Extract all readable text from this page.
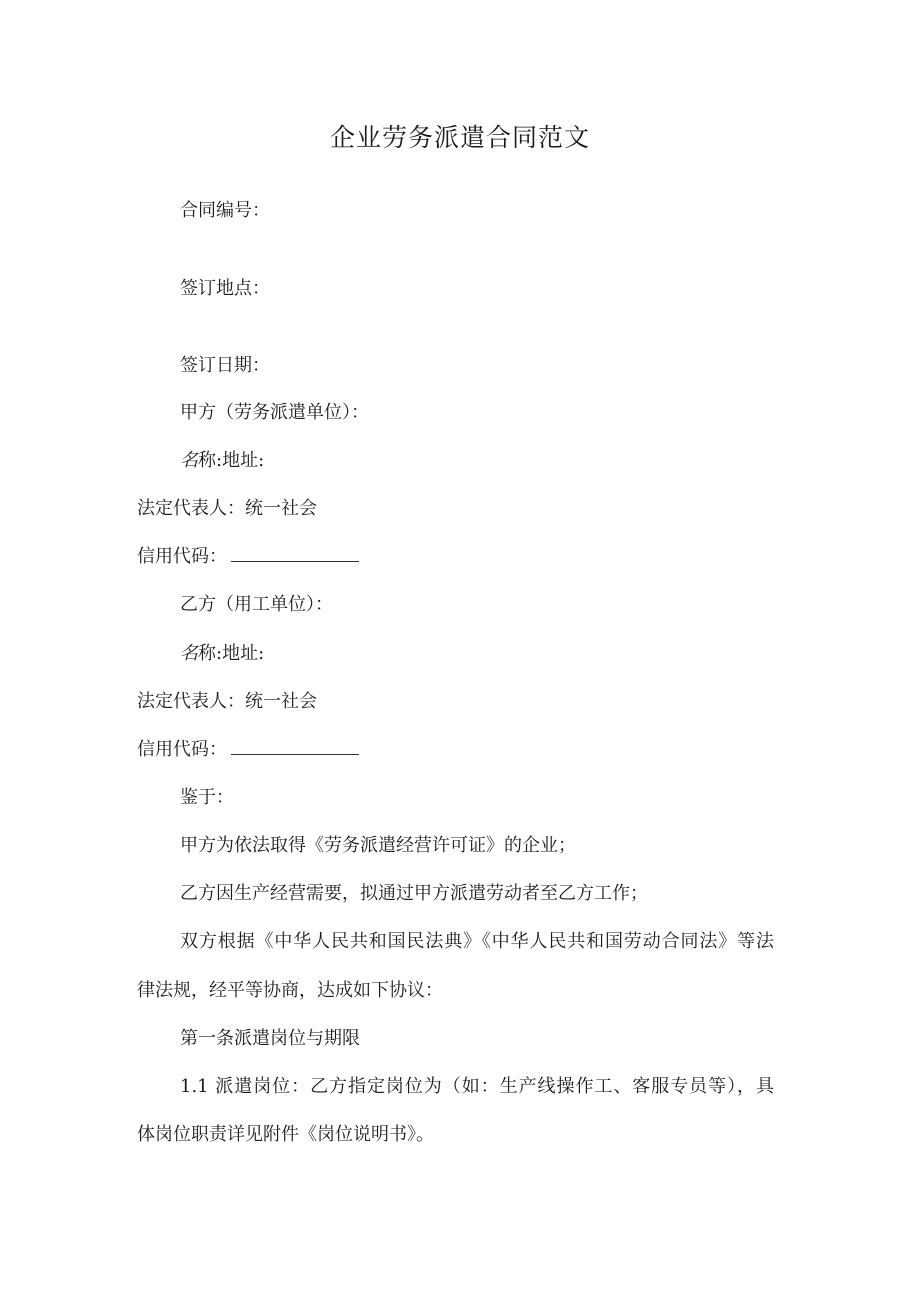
企业劳务派遣合同范文
合同编号：
签订地点：
签订日期：
甲方（劳务派遣单位）：
名称:地址:
法定代表人：统一社会
信用代码：
乙方（用工单位）：
名称:地址:
法定代表人：统一社会
信用代码：
鉴于：
甲方为依法取得《劳务派遣经营许可证》的企业；
乙方因生产经营需要，拟通过甲方派遣劳动者至乙方工作；
双方根据《中华人民共和国民法典》《中华人民共和国劳动合同法》等法
律法规，经平等协商，达成如下协议：
第一条派遣岗位与期限
1.1 派遣岗位：乙方指定岗位为（如：生产线操作工、客服专员等），具
体岗位职责详见附件《岗位说明书》。
